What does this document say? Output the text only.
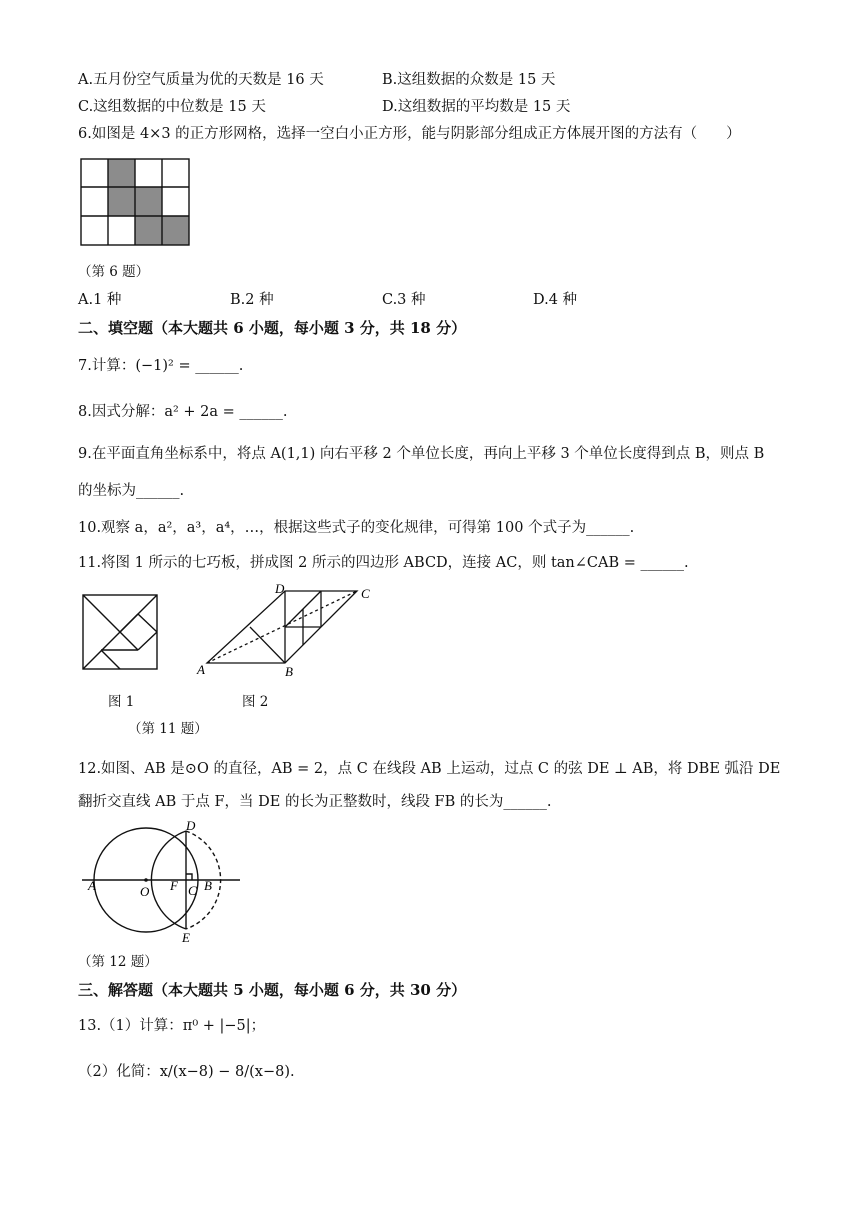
A.五月份空气质量为优的天数是 16 天	B.这组数据的众数是 15 天
C.这组数据的中位数是 15 天	D.这组数据的平均数是 15 天
6.如图是 4×3 的正方形网格，选择一空白小正方形，能与阴影部分组成正方体展开图的方法有（　　）
（第 6 题）
A.1 种	B.2 种	C.3 种	D.4 种
二、填空题（本大题共 6 小题，每小题 3 分，共 18 分）
7.计算：(−1)² = ______.
8.因式分解：a² + 2a = ______.
9.在平面直角坐标系中，将点 A(1,1) 向右平移 2 个单位长度，再向上平移 3 个单位长度得到点 B，则点 B
的坐标为______.
10.观察 a，a²，a³，a⁴，…，根据这些式子的变化规律，可得第 100 个式子为______.
11.将图 1 所示的七巧板，拼成图 2 所示的四边形 ABCD，连接 AC，则 tan∠CAB = ______.
A	B
C
D
图 1	图 2
（第 11 题）
12.如图、AB 是⊙O 的直径，AB = 2，点 C 在线段 AB 上运动，过点 C 的弦 DE ⊥ AB，将 DBE 弧沿 DE
翻折交直线 AB 于点 F，当 DE 的长为正整数时，线段 FB 的长为______.
A	O F C B
D
E
（第 12 题）
三、解答题（本大题共 5 小题，每小题 6 分，共 30 分）
13.（1）计算：π⁰ + |−5|；
（2）化简：x/(x−8) − 8/(x−8).
